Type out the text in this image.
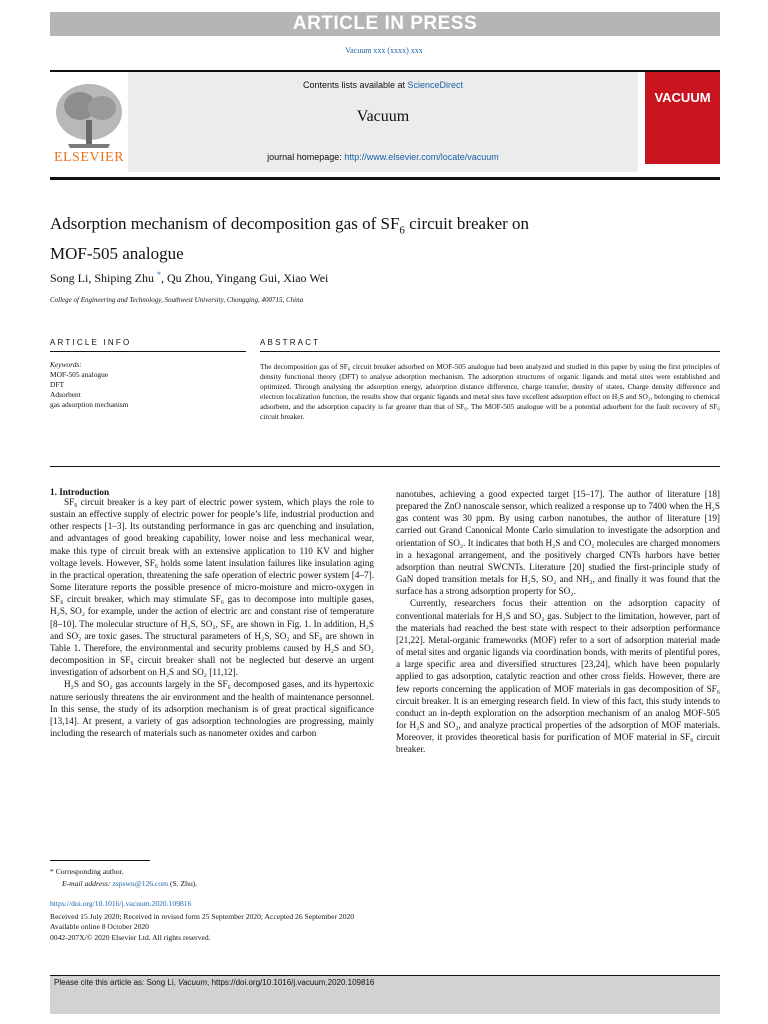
ARTICLE IN PRESS
Vacuum xxx (xxxx) xxx
ELSEVIER
Contents lists available at ScienceDirect
Vacuum
journal homepage: http://www.elsevier.com/locate/vacuum
VACUUM
Adsorption mechanism of decomposition gas of $SF_6$ circuit breaker on
MOF-505 analogue
Song Li, Shiping Zhu *, Qu Zhou, Yingang Gui, Xiao Wei
College of Engineering and Technology, Southwest University, Chongqing, 400715, China
ARTICLE INFO	ABSTRACT
Keywords:
MOF-505 analogue
DFT
Adsorbent
gas adsorption mechanism
The decomposition gas of SF₆ circuit breaker adsorbed on MOF-505 analogue had been analyzed and studied in this paper by using the first principles of density functional theory (DFT) to analyse adsorption mechanism. The adsorption structures of organic ligands and metal sites were established and optimized. Through analysing the adsorption energy, adsorption distance difference, charge transfer, density of states, Charge density difference and electron localization function, the results show that organic ligands and metal sites have excellent adsorption effect on H₂S and SO₂, belonging to chemical adsorbent, and the adsorption capacity is far greater than that of SF₆. The MOF-505 analogue will be a potential adsorbent for the fault recovery of SF₆ circuit breaker.
1. Introduction

SF₆ circuit breaker is a key part of electric power system, which plays the role to sustain an effective supply of electric power for people’s life, industrial production and other respects [1–3]. Its outstanding performance in gas arc quenching and insulation, and advantages of good breaking capability, lower noise and less mechanical wear, make this type of circuit break with an extensive application to 110 KV and higher voltage levels. However, SF₆ holds some latent insulation failures like insulation aging in the practical operation, threatening the safe operation of electric power system [4–7]. Some literature reports the possible presence of micro-moisture and micro-oxygen in SF₆ circuit breaker, which may stimulate SF₆ gas to decompose into multiple gases, H₂S, SO₂ for example, under the action of electric arc and constant rise of temperature [8–10]. The molecular structure of H₂S, SO₂, SF₆ are shown in Fig. 1. In addition, H₂S and SO₂ are toxic gases. The structural parameters of H₂S, SO₂ and SF₆ are shown in Table 1. Therefore, the environmental and security problems caused by H₂S and SO₂ decomposition in SF₆ circuit breaker shall not be neglected but deserve an urgent investigation of adsorbent on H₂S and SO₂ [11,12].

H₂S and SO₂ gas accounts largely in the SF₆ decomposed gases, and its hypertoxic nature seriously threatens the air environment and the health of maintenance personnel. In this sense, the study of its adsorption mechanism is of great practical significance [13,14]. At present, a variety of gas adsorption technologies are progressing, mainly including the research of materials such as nanometer oxides and carbon

nanotubes, achieving a good expected target [15–17]. The author of literature [18] prepared the ZnO nanoscale sensor, which realized a response up to 7400 when the H₂S gas content was 30 ppm. By using carbon nanotubes, the author of literature [19] carried out Grand Canonical Monte Carlo simulation to investigate the adsorption and orientation of SO₂. It indicates that both H₂S and CO₂ molecules are charged monomers in a hexagonal arrangement, and the positively charged CNTs harbors have better adsorption than neutral SWCNTs. Literature [20] studied the first-principle study of GaN doped transition metals for H₂S, SO₂ and NH₃, and finally it was found that the surface has a strong adsorption property for SO₂.

Currently, researchers focus their attention on the adsorption capacity of conventional materials for H₂S and SO₂ gas. Subject to the limitation, however, part of the materials had reached the best state with respect to their adsorption performance [21,22]. Metal-organic frameworks (MOF) refer to a sort of adsorption material made of metal sites and organic ligands via coordination bonds, with merits of plentiful pores, a large specific area and diversified structures [23,24], which have been popularly applied to gas adsorption, catalytic reaction and other cross fields. However, there are few reports concerning the application of MOF materials in gas decomposition of SF₆ circuit breaker. It is an emerging research field. In view of this fact, this study intends to conduct an in-depth exploration on the adsorption mechanism of an analog MOF-505 for H₂S and SO₂, and analyze practical properties of the adsorption of MOF materials. Moreover, it provides theoretical basis for purification of MOF material in SF₆ circuit breaker.

* Corresponding author.
E-mail address: zspswu@126.com (S. Zhu).
https://doi.org/10.1016/j.vacuum.2020.109816
Received 15 July 2020; Received in revised form 25 September 2020; Accepted 26 September 2020
Available online 8 October 2020
0042-207X/© 2020 Elsevier Ltd. All rights reserved.
Please cite this article as: Song Li, Vacuum, https://doi.org/10.1016/j.vacuum.2020.109816
